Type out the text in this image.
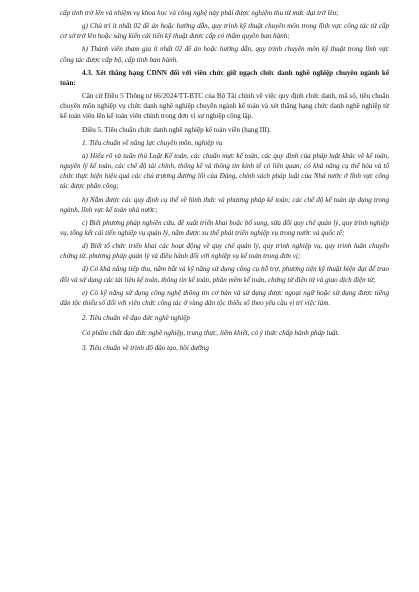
cấp tỉnh trở lên và nhiệm vụ khoa học và công nghệ này phải được nghiệm thu từ mức đạt trở lên;

g) Chủ trì ít nhất 02 đề án hoặc hướng dẫn, quy trình kỹ thuật chuyên môn trong lĩnh vực công tác từ cấp cơ sở trở lên hoặc sáng kiến cải tiến kỹ thuật được cấp có thẩm quyền ban hành;

h) Thành viên tham gia ít nhất 02 đề án hoặc hướng dẫn, quy trình chuyên môn kỹ thuật trong lĩnh vực công tác được cấp bộ, cấp tỉnh ban hành.

4.3. Xét thăng hạng CDNN đối với viên chức giữ ngạch chức danh nghề nghiệp chuyên ngành kế toán:

Căn cứ Điều 5 Thông tư 66/2024/TT-BTC của Bộ Tài chính về việc quy định chức danh, mã số, tiêu chuẩn chuyên môn nghiệp vụ chức danh nghề nghiệp chuyên ngành kế toán và xét thăng hạng chức danh nghề nghiệp từ kế toán viên lên kế toán viên chính trong đơn vị sự nghiệp công lập.

Điều 5. Tiêu chuẩn chức danh nghề nghiệp kế toán viên (hạng III).

1. Tiêu chuẩn về năng lực chuyên môn, nghiệp vụ

a) Hiểu rõ và tuân thủ Luật Kế toán, các chuẩn mực kế toán, các quy định của pháp luật khác về kế toán, nguyên lý kế toán, các chế độ tài chính, thống kê và thông tin kinh tế có liên quan; có khả năng cụ thể hóa và tổ chức thực hiện hiệu quả các chủ trương đường lối của Đảng, chính sách pháp luật của Nhà nước ở lĩnh vực công tác được phân công;

b) Nắm được các quy định cụ thể về hình thức và phương pháp kế toán; các chế độ kế toán áp dụng trong ngành, lĩnh vực kế toán nhà nước;

c) Biết phương pháp nghiên cứu, đề xuất triển khai hoặc bổ sung, sửa đổi quy chế quản lý, quy trình nghiệp vụ, tổng kết cải tiến nghiệp vụ quản lý, nắm được xu thế phát triển nghiệp vụ trong nước và quốc tế;

d) Biết tổ chức triển khai các hoạt động về quy chế quản lý, quy trình nghiệp vụ, quy trình luân chuyển chứng từ, phương pháp quản lý và điều hành đối với nghiệp vụ kế toán trong đơn vị;

đ) Có khả năng tiếp thu, nắm bắt và kỹ năng sử dụng công cụ hỗ trợ, phương tiện kỹ thuật hiện đại để trao đổi và sử dụng các tài liệu kế toán, thông tin kế toán, phần mềm kế toán, chứng từ điện tử và giao dịch điện tử;

e) Có kỹ năng sử dụng công nghệ thông tin cơ bản và sử dụng được ngoại ngữ hoặc sử dụng được tiếng dân tộc thiểu số đối với viên chức công tác ở vùng dân tộc thiểu số theo yêu cầu vị trí việc làm.

2. Tiêu chuẩn về đạo đức nghề nghiệp

Có phẩm chất đạo đức nghề nghiệp, trung thực, liêm khiết, có ý thức chấp hành pháp luật.

3. Tiêu chuẩn về trình độ đào tạo, bồi dưỡng
